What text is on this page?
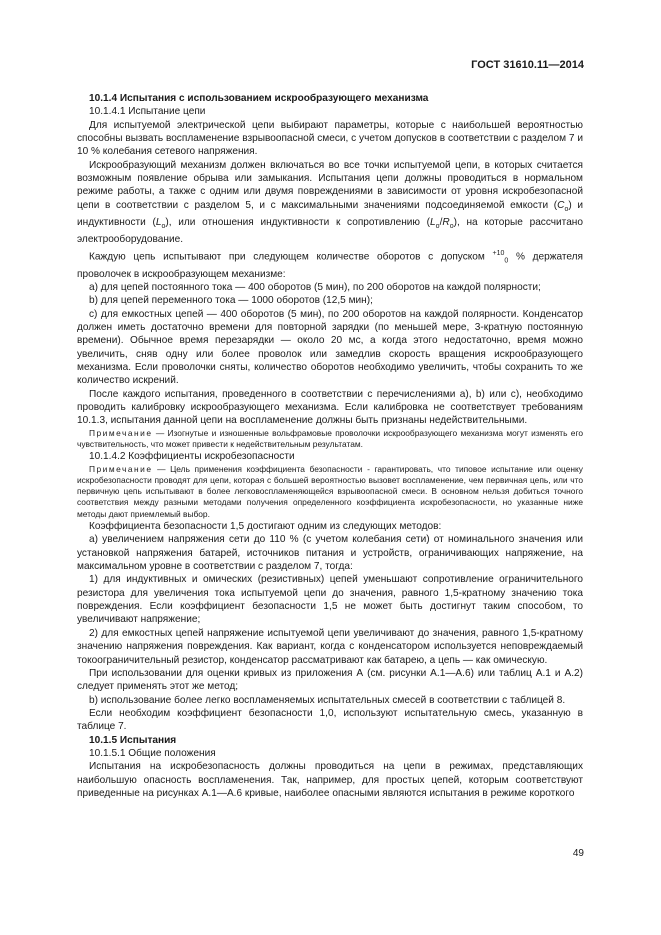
ГОСТ 31610.11—2014

10.1.4 Испытания с использованием искрообразующего механизма

10.1.4.1 Испытание цепи

Для испытуемой электрической цепи выбирают параметры, которые с наибольшей вероятностью способны вызвать воспламенение взрывоопасной смеси, с учетом допусков в соответствии с разделом 7 и 10 % колебания сетевого напряжения.

Искрообразующий механизм должен включаться во все точки испытуемой цепи, в которых считается возможным появление обрыва или замыкания. Испытания цепи должны проводиться в нормальном режиме работы, а также с одним или двумя повреждениями в зависимости от уровня искробезопасной цепи в соответствии с разделом 5, и с максимальными значениями подсоединяемой емкости $(C_o)$ и индуктивности $(L_o)$, или отношения индуктивности к сопротивлению $(L_o/R_o)$, на которые рассчитано электрооборудование.

Каждую цепь испытывают при следующем количестве оборотов с допуском $^{+10}_0$ % держателя проволочек в искрообразующем механизме:

а) для цепей постоянного тока — 400 оборотов (5 мин), по 200 оборотов на каждой полярности;

b) для цепей переменного тока — 1000 оборотов (12,5 мин);

с) для емкостных цепей — 400 оборотов (5 мин), по 200 оборотов на каждой полярности. Конденсатор должен иметь достаточно времени для повторной зарядки (по меньшей мере, 3-кратную постоянную времени). Обычное время перезарядки — около 20 мс, а когда этого недостаточно, время можно увеличить, сняв одну или более проволок или замедлив скорость вращения искрообразующего механизма. Если проволочки сняты, количество оборотов необходимо увеличить, чтобы сохранить то же количество искрений.

После каждого испытания, проведенного в соответствии с перечислениями а), b) или с), необходимо проводить калибровку искрообразующего механизма. Если калибровка не соответствует требованиям 10.1.3, испытания данной цепи на воспламенение должны быть признаны недействительными.

Примечание — Изогнутые и изношенные вольфрамовые проволочки искрообразующего механизма могут изменять его чувствительность, что может привести к недействительным результатам.

10.1.4.2 Коэффициенты искробезопасности

Примечание — Цель применения коэффициента безопасности - гарантировать, что типовое испытание или оценку искробезопасности проводят для цепи, которая с большей вероятностью вызовет воспламенение, чем первичная цепь, или что первичную цепь испытывают в более легковоспламеняющейся взрывоопасной смеси. В основном нельзя добиться точного соответствия между разными методами получения определенного коэффициента искробезопасности, но указанные ниже методы дают приемлемый выбор.

Коэффициента безопасности 1,5 достигают одним из следующих методов:

а) увеличением напряжения сети до 110 % (с учетом колебания сети) от номинального значения или установкой напряжения батарей, источников питания и устройств, ограничивающих напряжение, на максимальном уровне в соответствии с разделом 7, тогда:

1) для индуктивных и омических (резистивных) цепей уменьшают сопротивление ограничительного резистора для увеличения тока испытуемой цепи до значения, равного 1,5-кратному значению тока повреждения. Если коэффициент безопасности 1,5 не может быть достигнут таким способом, то увеличивают напряжение;

2) для емкостных цепей напряжение испытуемой цепи увеличивают до значения, равного 1,5-кратному значению напряжения повреждения. Как вариант, когда с конденсатором используется неповреждаемый токоограничительный резистор, конденсатор рассматривают как батарею, а цепь — как омическую.

При использовании для оценки кривых из приложения А (см. рисунки А.1—А.6) или таблиц А.1 и А.2) следует применять этот же метод;

b) использование более легко воспламеняемых испытательных смесей в соответствии с таблицей 8.

Если необходим коэффициент безопасности 1,0, используют испытательную смесь, указанную в таблице 7.

10.1.5 Испытания

10.1.5.1 Общие положения

Испытания на искробезопасность должны проводиться на цепи в режимах, представляющих наибольшую опасность воспламенения. Так, например, для простых цепей, которым соответствуют приведенные на рисунках А.1—А.6 кривые, наиболее опасными являются испытания в режиме короткого

49
